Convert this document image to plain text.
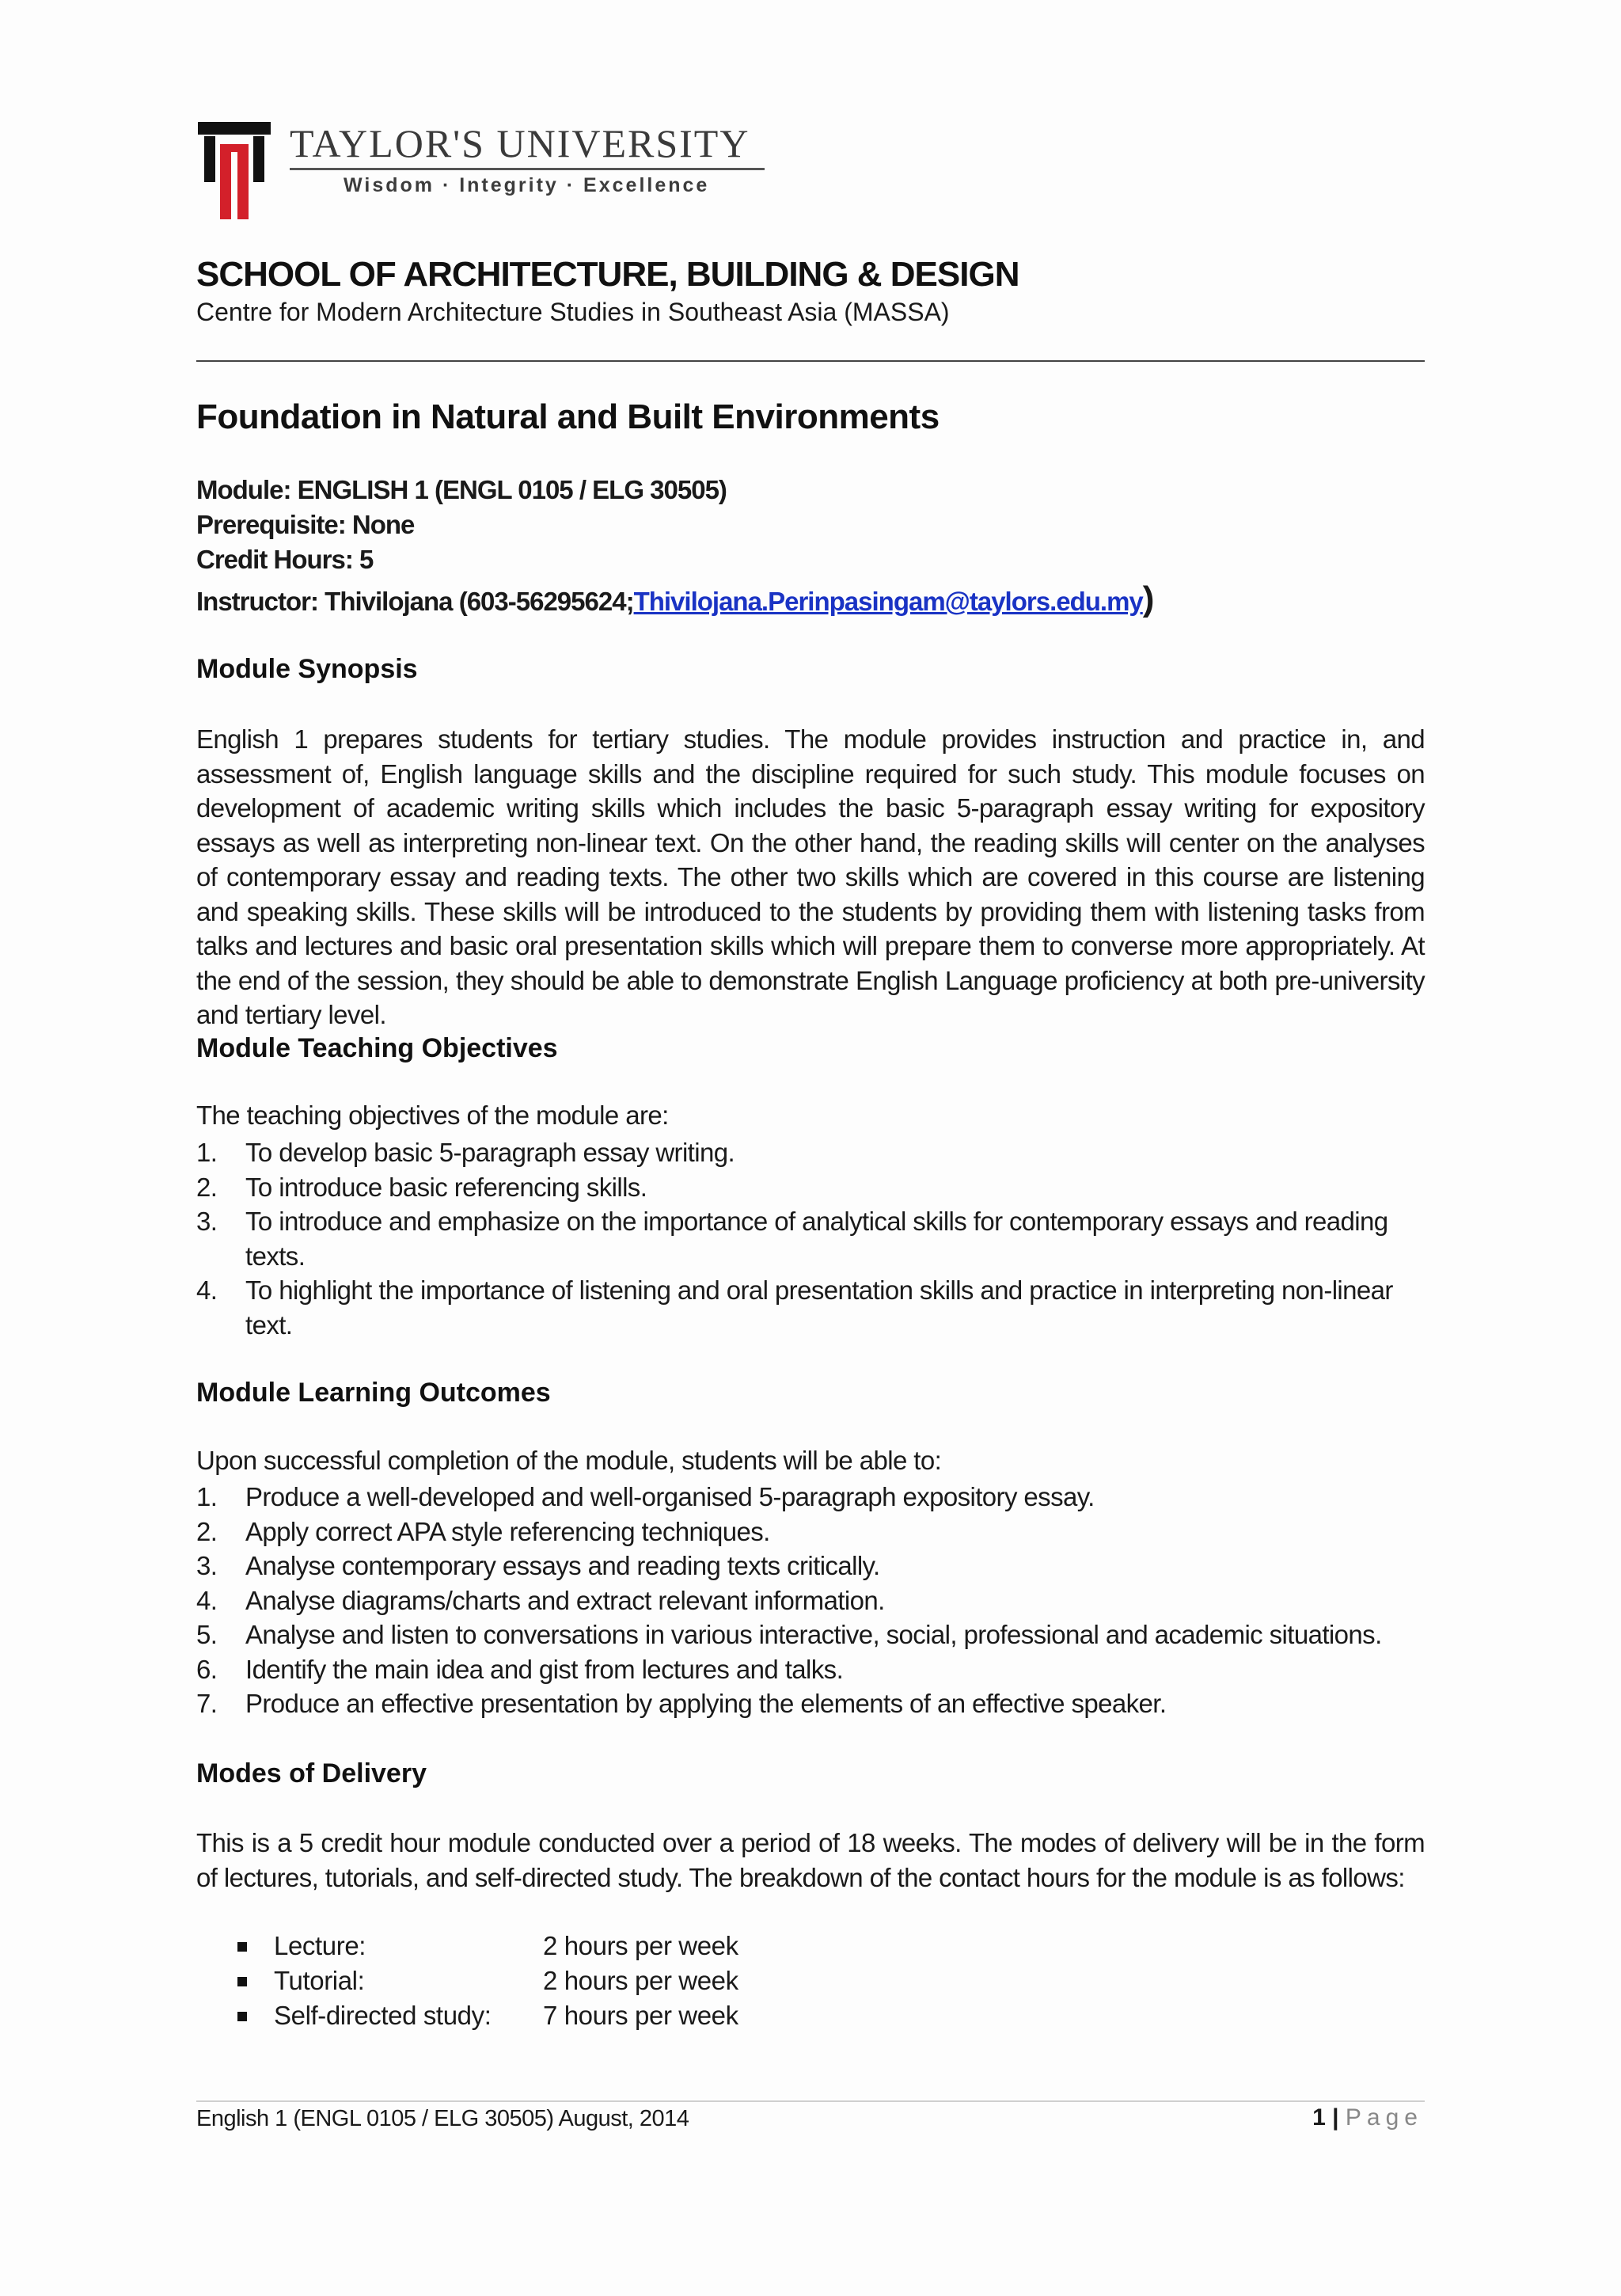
TAYLOR'S UNIVERSITY
Wisdom · Integrity · Excellence
SCHOOL OF ARCHITECTURE, BUILDING & DESIGN
Centre for Modern Architecture Studies in Southeast Asia (MASSA)
Foundation in Natural and Built Environments
Module: ENGLISH 1 (ENGL 0105 / ELG 30505)
Prerequisite: None
Credit Hours: 5
Instructor: Thivilojana (603-56295624;Thivilojana.Perinpasingam@taylors.edu.my)
Module Synopsis
English 1 prepares students for tertiary studies. The module provides instruction and practice in, and assessment of, English language skills and the discipline required for such study. This module focuses on development of academic writing skills which includes the basic 5-paragraph essay writing for expository essays as well as interpreting non-linear text. On the other hand, the reading skills will center on the analyses of contemporary essay and reading texts. The other two skills which are covered in this course are listening and speaking skills. These skills will be introduced to the students by providing them with listening tasks from talks and lectures and basic oral presentation skills which will prepare them to converse more appropriately. At the end of the session, they should be able to demonstrate English Language proficiency at both pre-university and tertiary level.
Module Teaching Objectives
The teaching objectives of the module are:
1. To develop basic 5-paragraph essay writing.
2. To introduce basic referencing skills.
3. To introduce and emphasize on the importance of analytical skills for contemporary essays and reading texts.
4. To highlight the importance of listening and oral presentation skills and practice in interpreting non-linear text.
Module Learning Outcomes
Upon successful completion of the module, students will be able to:
1. Produce a well-developed and well-organised 5-paragraph expository essay.
2. Apply correct APA style referencing techniques.
3. Analyse contemporary essays and reading texts critically.
4. Analyse diagrams/charts and extract relevant information.
5. Analyse and listen to conversations in various interactive, social, professional and academic situations.
6. Identify the main idea and gist from lectures and talks.
7. Produce an effective presentation by applying the elements of an effective speaker.
Modes of Delivery
This is a 5 credit hour module conducted over a period of 18 weeks. The modes of delivery will be in the form of lectures, tutorials, and self-directed study. The breakdown of the contact hours for the module is as follows:
Lecture:	2 hours per week
Tutorial:	2 hours per week
Self-directed study: 7 hours per week
English 1 (ENGL 0105 / ELG 30505) August, 2014	1 | Page
